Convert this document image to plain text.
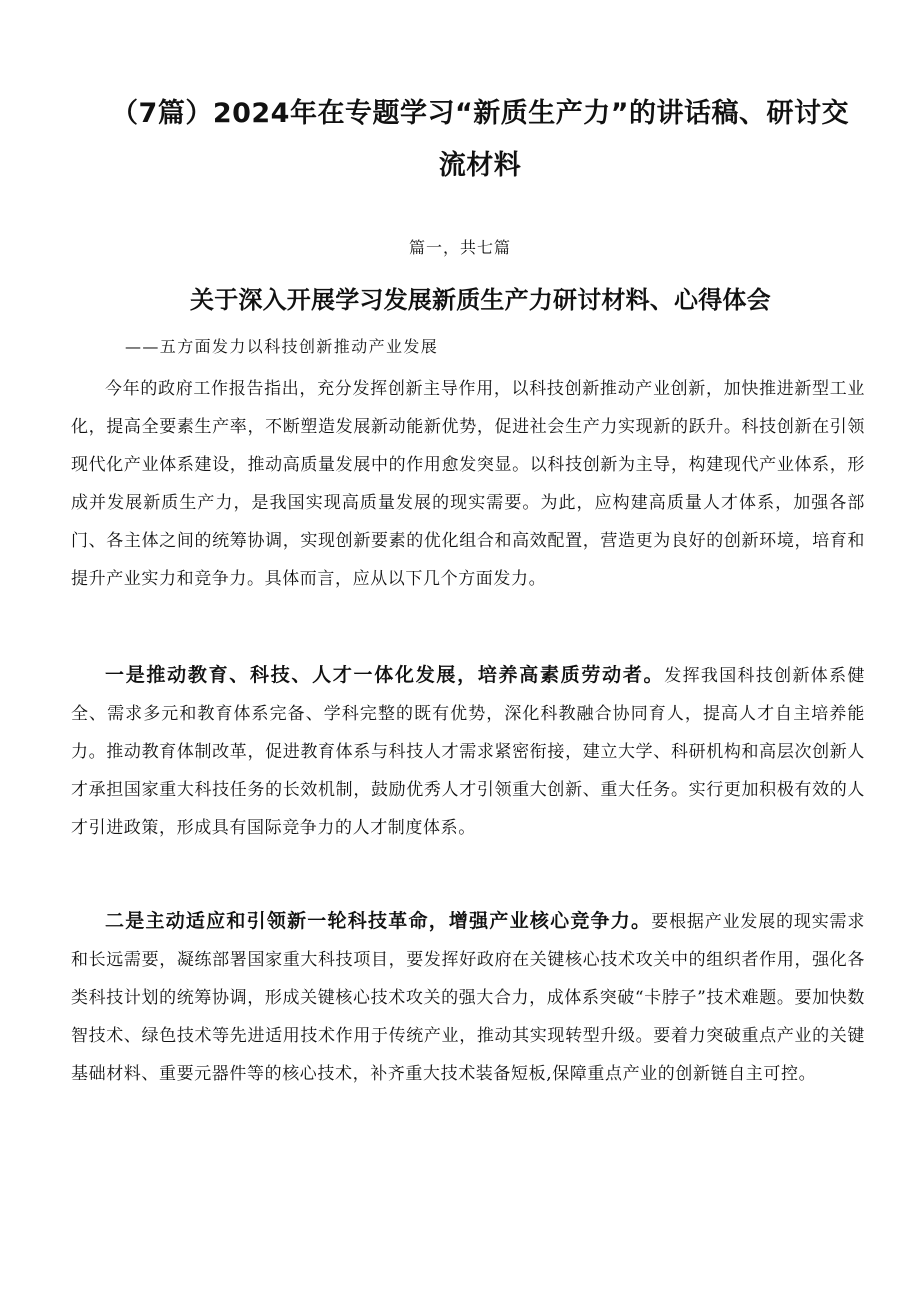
（7篇）2024年在专题学习“新质生产力”的讲话稿、研讨交
流材料

篇一，共七篇

关于深入开展学习发展新质生产力研讨材料、心得体会

——五方面发力以科技创新推动产业发展

今年的政府工作报告指出，充分发挥创新主导作用，以科技创新推动产业创新，加快推进新型工业化，提高全要素生产率，不断塑造发展新动能新优势，促进社会生产力实现新的跃升。科技创新在引领现代化产业体系建设，推动高质量发展中的作用愈发突显。以科技创新为主导，构建现代产业体系，形成并发展新质生产力，是我国实现高质量发展的现实需要。为此，应构建高质量人才体系，加强各部门、各主体之间的统筹协调，实现创新要素的优化组合和高效配置，营造更为良好的创新环境，培育和提升产业实力和竞争力。具体而言，应从以下几个方面发力。

一是推动教育、科技、人才一体化发展，培养高素质劳动者。发挥我国科技创新体系健全、需求多元和教育体系完备、学科完整的既有优势，深化科教融合协同育人，提高人才自主培养能力。推动教育体制改革，促进教育体系与科技人才需求紧密衔接，建立大学、科研机构和高层次创新人才承担国家重大科技任务的长效机制，鼓励优秀人才引领重大创新、重大任务。实行更加积极有效的人才引进政策，形成具有国际竞争力的人才制度体系。

二是主动适应和引领新一轮科技革命，增强产业核心竞争力。要根据产业发展的现实需求和长远需要，凝练部署国家重大科技项目，要发挥好政府在关键核心技术攻关中的组织者作用，强化各类科技计划的统筹协调，形成关键核心技术攻关的强大合力，成体系突破“卡脖子”技术难题。要加快数智技术、绿色技术等先进适用技术作用于传统产业，推动其实现转型升级。要着力突破重点产业的关键基础材料、重要元器件等的核心技术，补齐重大技术装备短板,保障重点产业的创新链自主可控。
